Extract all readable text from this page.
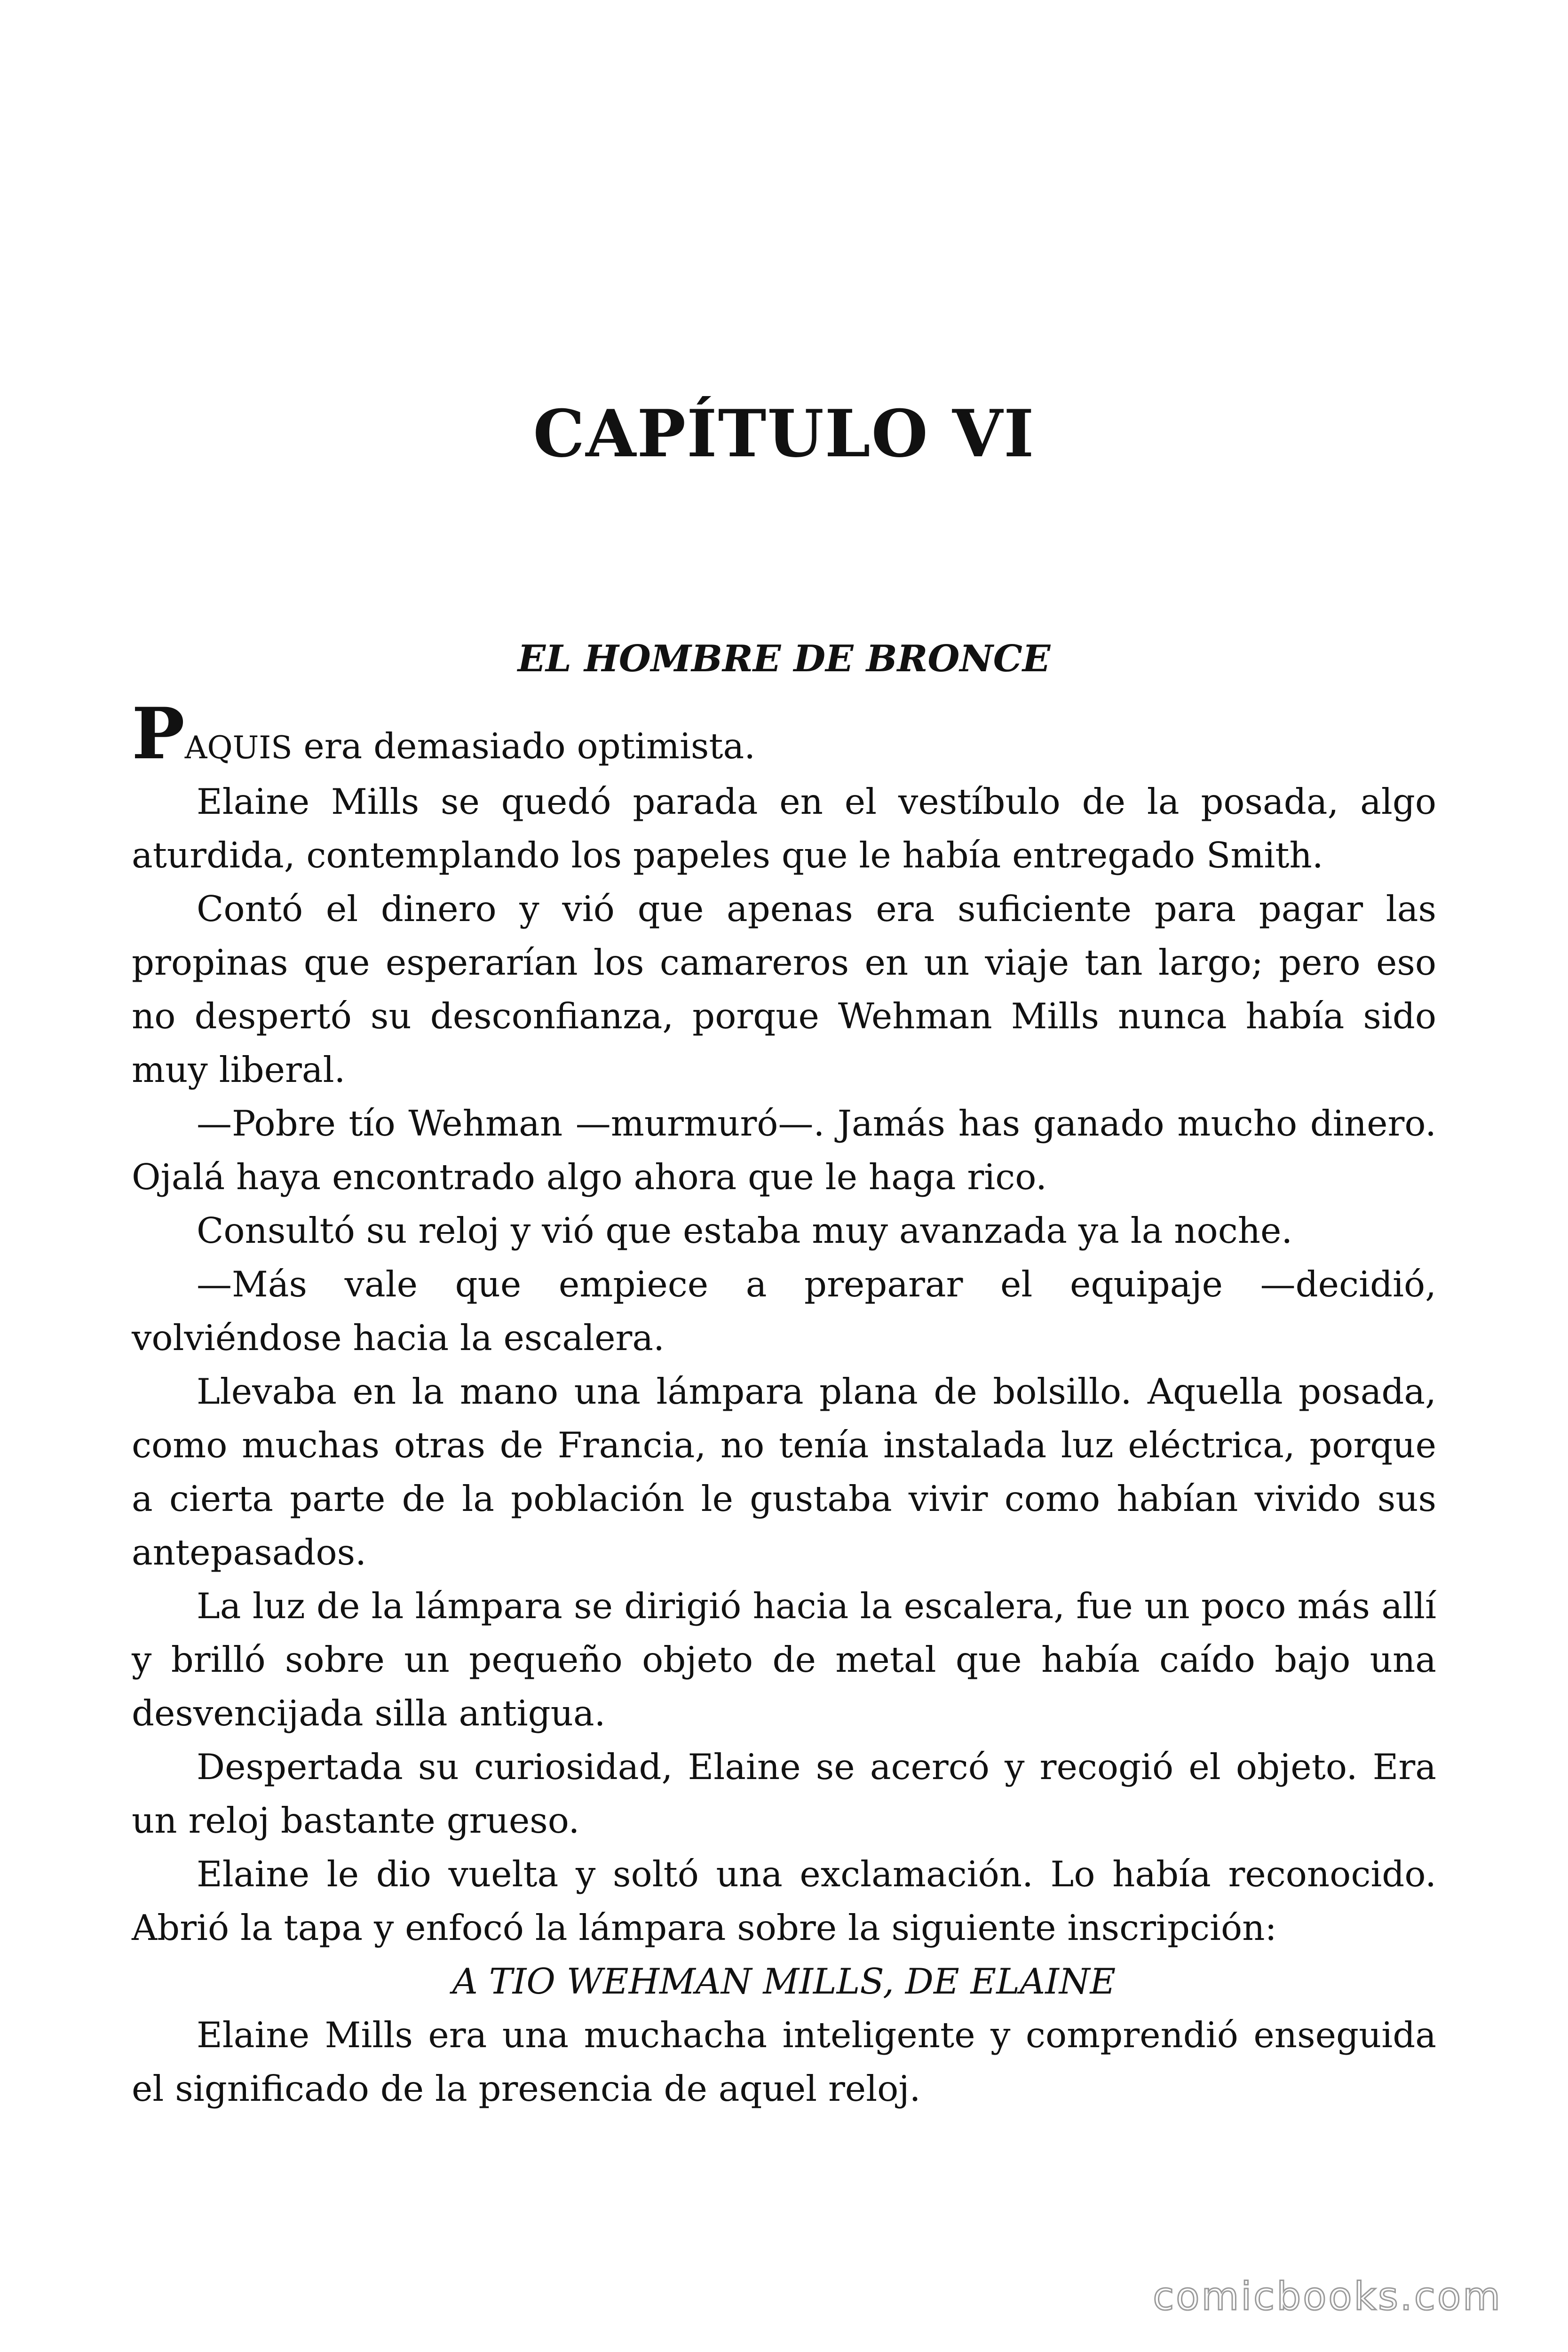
CAPÍTULO VI
EL HOMBRE DE BRONCE

PAQUIS era demasiado optimista.

Elaine Mills se quedó parada en el vestíbulo de la posada, algo aturdida, contemplando los papeles que le había entregado Smith.

Contó el dinero y vió que apenas era suficiente para pagar las propinas que esperarían los camareros en un viaje tan largo; pero eso no despertó su desconfianza, porque Wehman Mills nunca había sido muy liberal.

—Pobre tío Wehman —murmuró—. Jamás has ganado mucho dinero. Ojalá haya encontrado algo ahora que le haga rico.

Consultó su reloj y vió que estaba muy avanzada ya la noche.

—Más vale que empiece a preparar el equipaje —decidió, volviéndose hacia la escalera.

Llevaba en la mano una lámpara plana de bolsillo. Aquella posada, como muchas otras de Francia, no tenía instalada luz eléctrica, porque a cierta parte de la población le gustaba vivir como habían vivido sus antepasados.

La luz de la lámpara se dirigió hacia la escalera, fue un poco más allí y brilló sobre un pequeño objeto de metal que había caído bajo una desvencijada silla antigua.

Despertada su curiosidad, Elaine se acercó y recogió el objeto. Era un reloj bastante grueso.

Elaine le dio vuelta y soltó una exclamación. Lo había reconocido. Abrió la tapa y enfocó la lámpara sobre la siguiente inscripción:

A TIO WEHMAN MILLS, DE ELAINE

Elaine Mills era una muchacha inteligente y comprendió enseguida el significado de la presencia de aquel reloj.

comicbooks.com
